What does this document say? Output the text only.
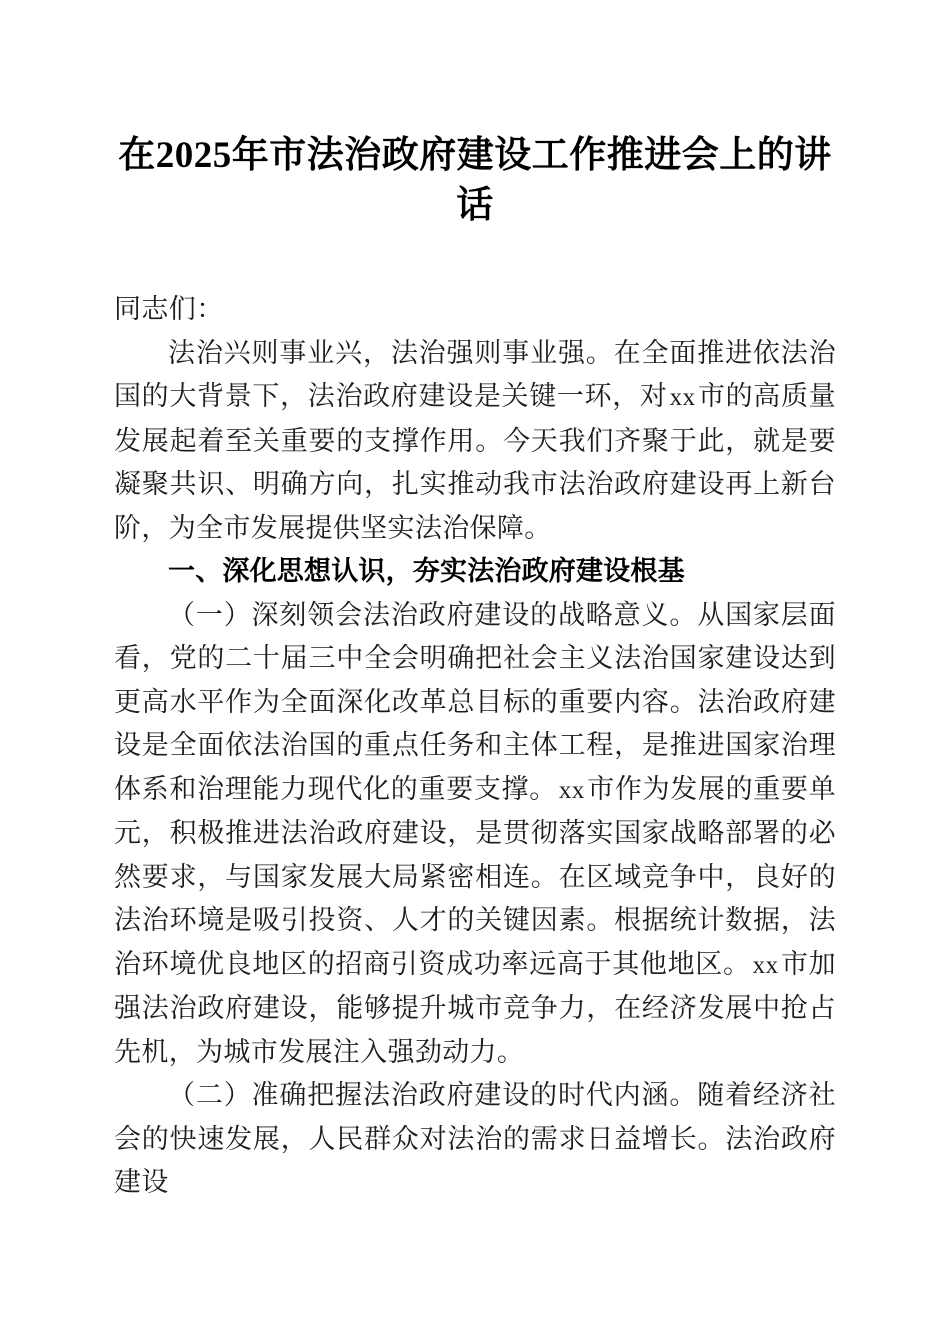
在2025年市法治政府建设工作推进会上的讲话

同志们：

法治兴则事业兴，法治强则事业强。在全面推进依法治国的大背景下，法治政府建设是关键一环，对xx市的高质量发展起着至关重要的支撑作用。今天我们齐聚于此，就是要凝聚共识、明确方向，扎实推动我市法治政府建设再上新台阶，为全市发展提供坚实法治保障。

一、深化思想认识，夯实法治政府建设根基

（一）深刻领会法治政府建设的战略意义。从国家层面看，党的二十届三中全会明确把社会主义法治国家建设达到更高水平作为全面深化改革总目标的重要内容。法治政府建设是全面依法治国的重点任务和主体工程，是推进国家治理体系和治理能力现代化的重要支撑。xx市作为发展的重要单元，积极推进法治政府建设，是贯彻落实国家战略部署的必然要求，与国家发展大局紧密相连。在区域竞争中，良好的法治环境是吸引投资、人才的关键因素。根据统计数据，法治环境优良地区的招商引资成功率远高于其他地区。xx市加强法治政府建设，能够提升城市竞争力，在经济发展中抢占先机，为城市发展注入强劲动力。

（二）准确把握法治政府建设的时代内涵。随着经济社会的快速发展，人民群众对法治的需求日益增长。法治政府建设
